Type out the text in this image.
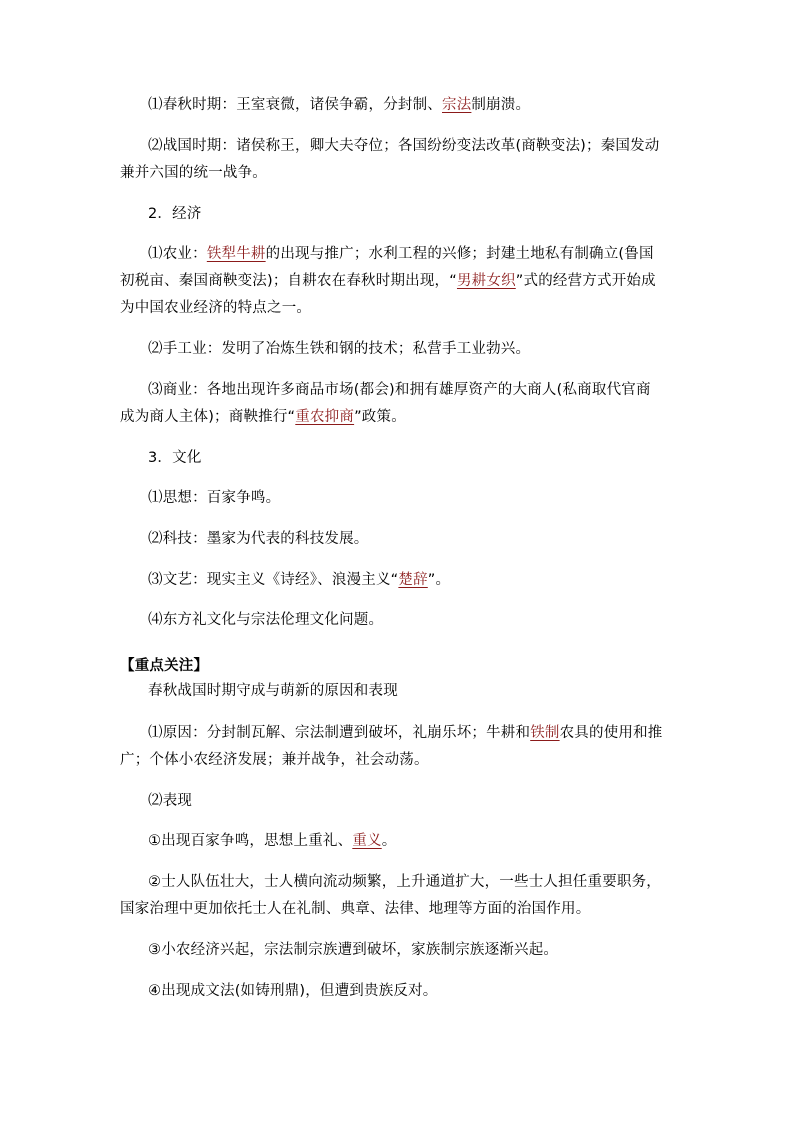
⑴春秋时期：王室衰微，诸侯争霸，分封制、宗法制崩溃。
⑵战国时期：诸侯称王，卿大夫夺位；各国纷纷变法改革(商鞅变法)；秦国发动
兼并六国的统一战争。
2．经济
⑴农业：铁犁牛耕的出现与推广；水利工程的兴修；封建土地私有制确立(鲁国
初税亩、秦国商鞅变法)；自耕农在春秋时期出现，“男耕女织”式的经营方式开始成
为中国农业经济的特点之一。
⑵手工业：发明了冶炼生铁和钢的技术；私营手工业勃兴。
⑶商业：各地出现许多商品市场(都会)和拥有雄厚资产的大商人(私商取代官商
成为商人主体)；商鞅推行“重农抑商”政策。
3．文化
⑴思想：百家争鸣。
⑵科技：墨家为代表的科技发展。
⑶文艺：现实主义《诗经》、浪漫主义“楚辞”。
⑷东方礼文化与宗法伦理文化问题。
【重点关注】
春秋战国时期守成与萌新的原因和表现
⑴原因：分封制瓦解、宗法制遭到破坏，礼崩乐坏；牛耕和铁制农具的使用和推
广；个体小农经济发展；兼并战争，社会动荡。
⑵表现
①出现百家争鸣，思想上重礼、重义。
②士人队伍壮大，士人横向流动频繁，上升通道扩大，一些士人担任重要职务，
国家治理中更加依托士人在礼制、典章、法律、地理等方面的治国作用。
③小农经济兴起，宗法制宗族遭到破坏，家族制宗族逐渐兴起。
④出现成文法(如铸刑鼎)，但遭到贵族反对。
